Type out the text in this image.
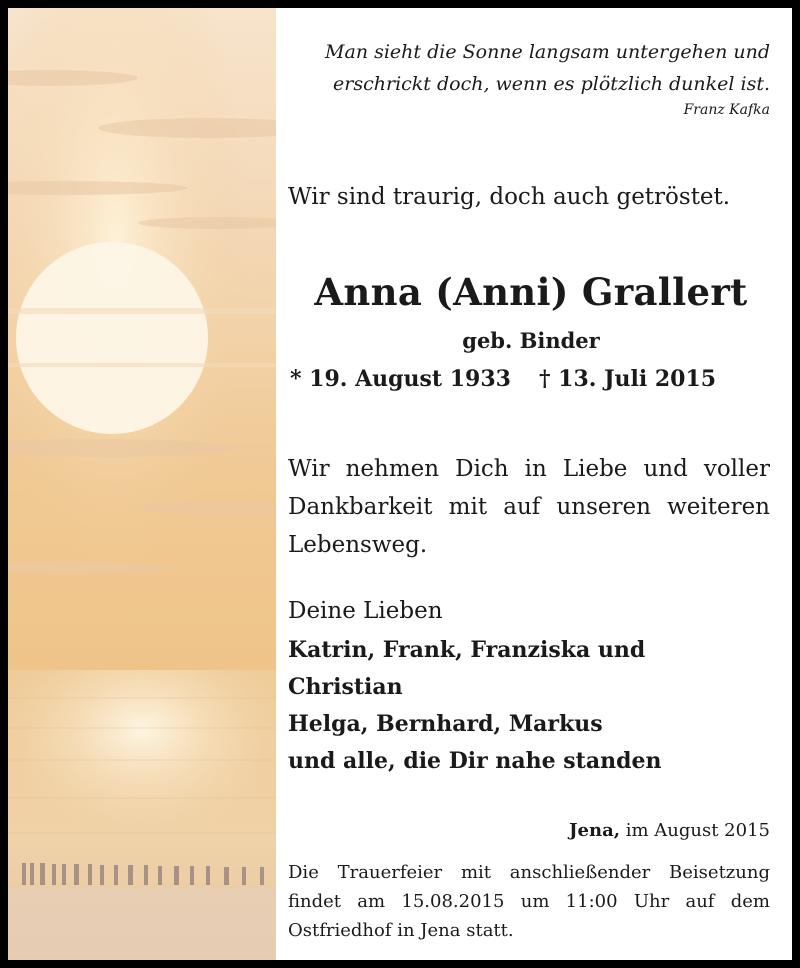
Man sieht die Sonne langsam untergehen und
erschrickt doch, wenn es plötzlich dunkel ist.
Franz Kafka
Wir sind traurig, doch auch getröstet.
Anna (Anni) Grallert
geb. Binder
* 19. August 1933 † 13. Juli 2015
Wir nehmen Dich in Liebe und voller Dankbarkeit mit auf unseren weiteren Lebensweg.
Deine Lieben
Katrin, Frank, Franziska und
Christian
Helga, Bernhard, Markus
und alle, die Dir nahe standen
Jena, im August 2015
Die Trauerfeier mit anschließender Beisetzung findet am 15.08.2015 um 11:00 Uhr auf dem Ostfriedhof in Jena statt.
